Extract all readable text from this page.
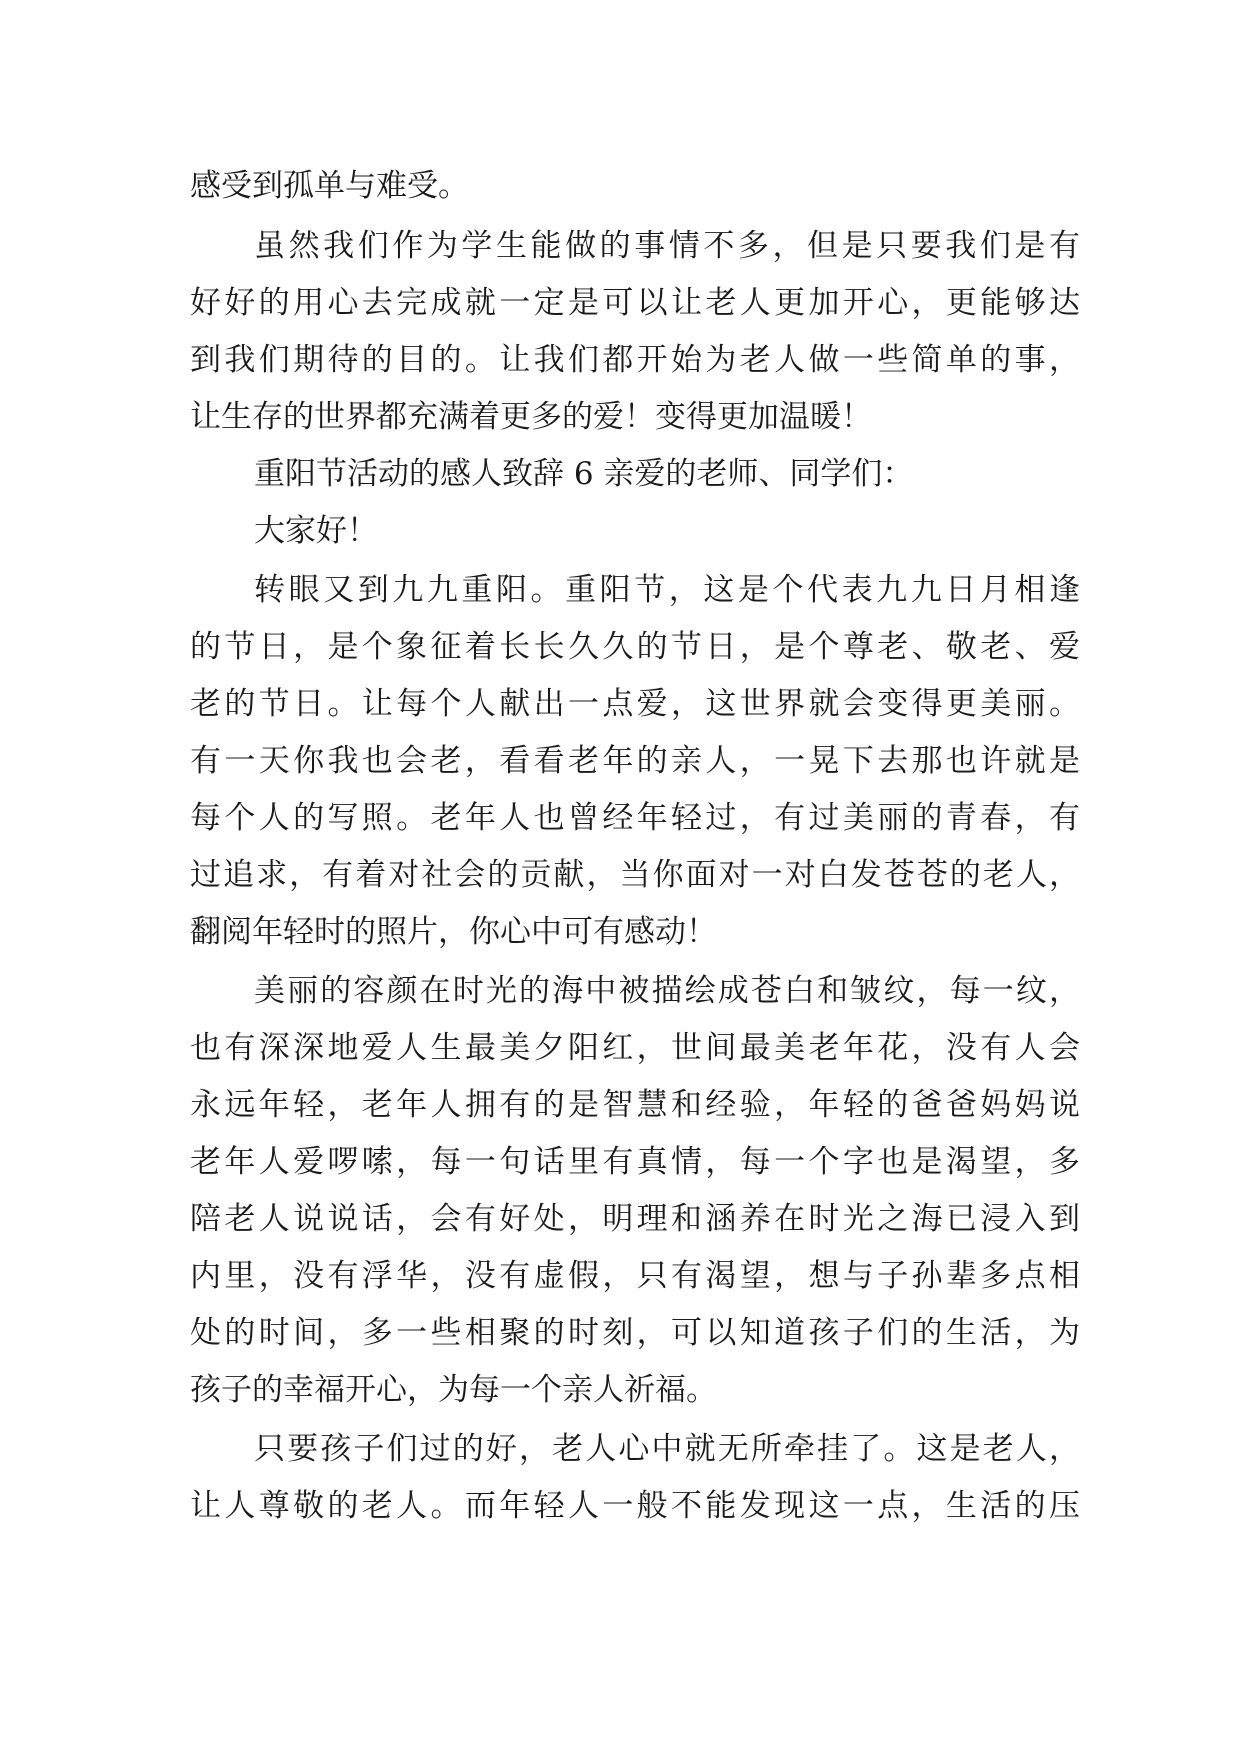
感受到孤单与难受。
虽然我们作为学生能做的事情不多，但是只要我们是有
好好的用心去完成就一定是可以让老人更加开心，更能够达
到我们期待的目的。让我们都开始为老人做一些简单的事，
让生存的世界都充满着更多的爱！变得更加温暖！
重阳节活动的感人致辞 6 亲爱的老师、同学们：
大家好！
转眼又到九九重阳。重阳节，这是个代表九九日月相逢
的节日，是个象征着长长久久的节日，是个尊老、敬老、爱
老的节日。让每个人献出一点爱，这世界就会变得更美丽。
有一天你我也会老，看看老年的亲人，一晃下去那也许就是
每个人的写照。老年人也曾经年轻过，有过美丽的青春，有
过追求，有着对社会的贡献，当你面对一对白发苍苍的老人，
翻阅年轻时的照片，你心中可有感动！
美丽的容颜在时光的海中被描绘成苍白和皱纹，每一纹，
也有深深地爱人生最美夕阳红，世间最美老年花，没有人会
永远年轻，老年人拥有的是智慧和经验，年轻的爸爸妈妈说
老年人爱啰嗦，每一句话里有真情，每一个字也是渴望，多
陪老人说说话，会有好处，明理和涵养在时光之海已浸入到
内里，没有浮华，没有虚假，只有渴望，想与子孙辈多点相
处的时间，多一些相聚的时刻，可以知道孩子们的生活，为
孩子的幸福开心，为每一个亲人祈福。
只要孩子们过的好，老人心中就无所牵挂了。这是老人，
让人尊敬的老人。而年轻人一般不能发现这一点，生活的压
